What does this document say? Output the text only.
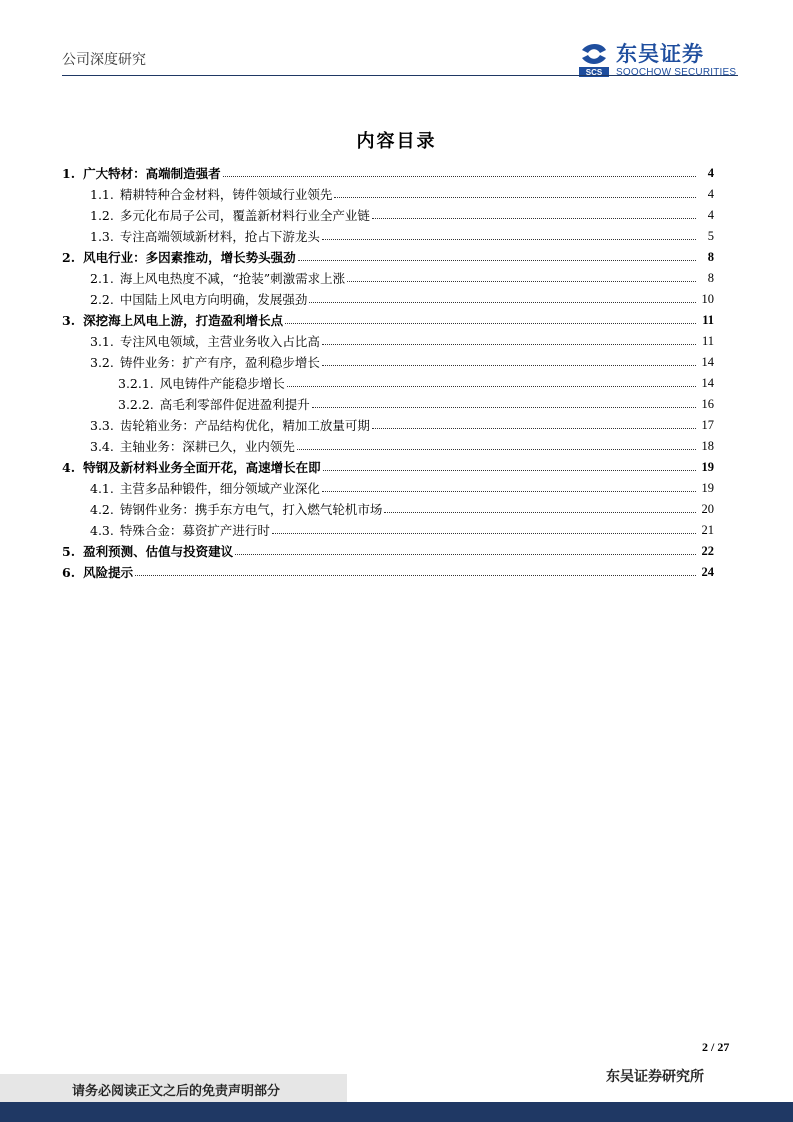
公司深度研究
SCS
东吴证券
SOOCHOW SECURITIES
内容目录
1. 广大特材：高端制造强者	4
1.1. 精耕特种合金材料，铸件领域行业领先	4
1.2. 多元化布局子公司，覆盖新材料行业全产业链	4
1.3. 专注高端领域新材料，抢占下游龙头	5
2. 风电行业：多因素推动，增长势头强劲	8
2.1. 海上风电热度不减，“抢装”刺激需求上涨	8
2.2. 中国陆上风电方向明确，发展强劲	10
3. 深挖海上风电上游，打造盈利增长点	11
3.1. 专注风电领域，主营业务收入占比高	11
3.2. 铸件业务：扩产有序，盈利稳步增长	14
3.2.1. 风电铸件产能稳步增长	14
3.2.2. 高毛利零部件促进盈利提升	16
3.3. 齿轮箱业务：产品结构优化，精加工放量可期	17
3.4. 主轴业务：深耕已久，业内领先	18
4. 特钢及新材料业务全面开花，高速增长在即	19
4.1. 主营多品种锻件，细分领域产业深化	19
4.2. 铸钢件业务：携手东方电气，打入燃气轮机市场	20
4.3. 特殊合金：募资扩产进行时	21
5. 盈利预测、估值与投资建议	22
6. 风险提示	24
2 / 27
请务必阅读正文之后的免责声明部分
东吴证券研究所
